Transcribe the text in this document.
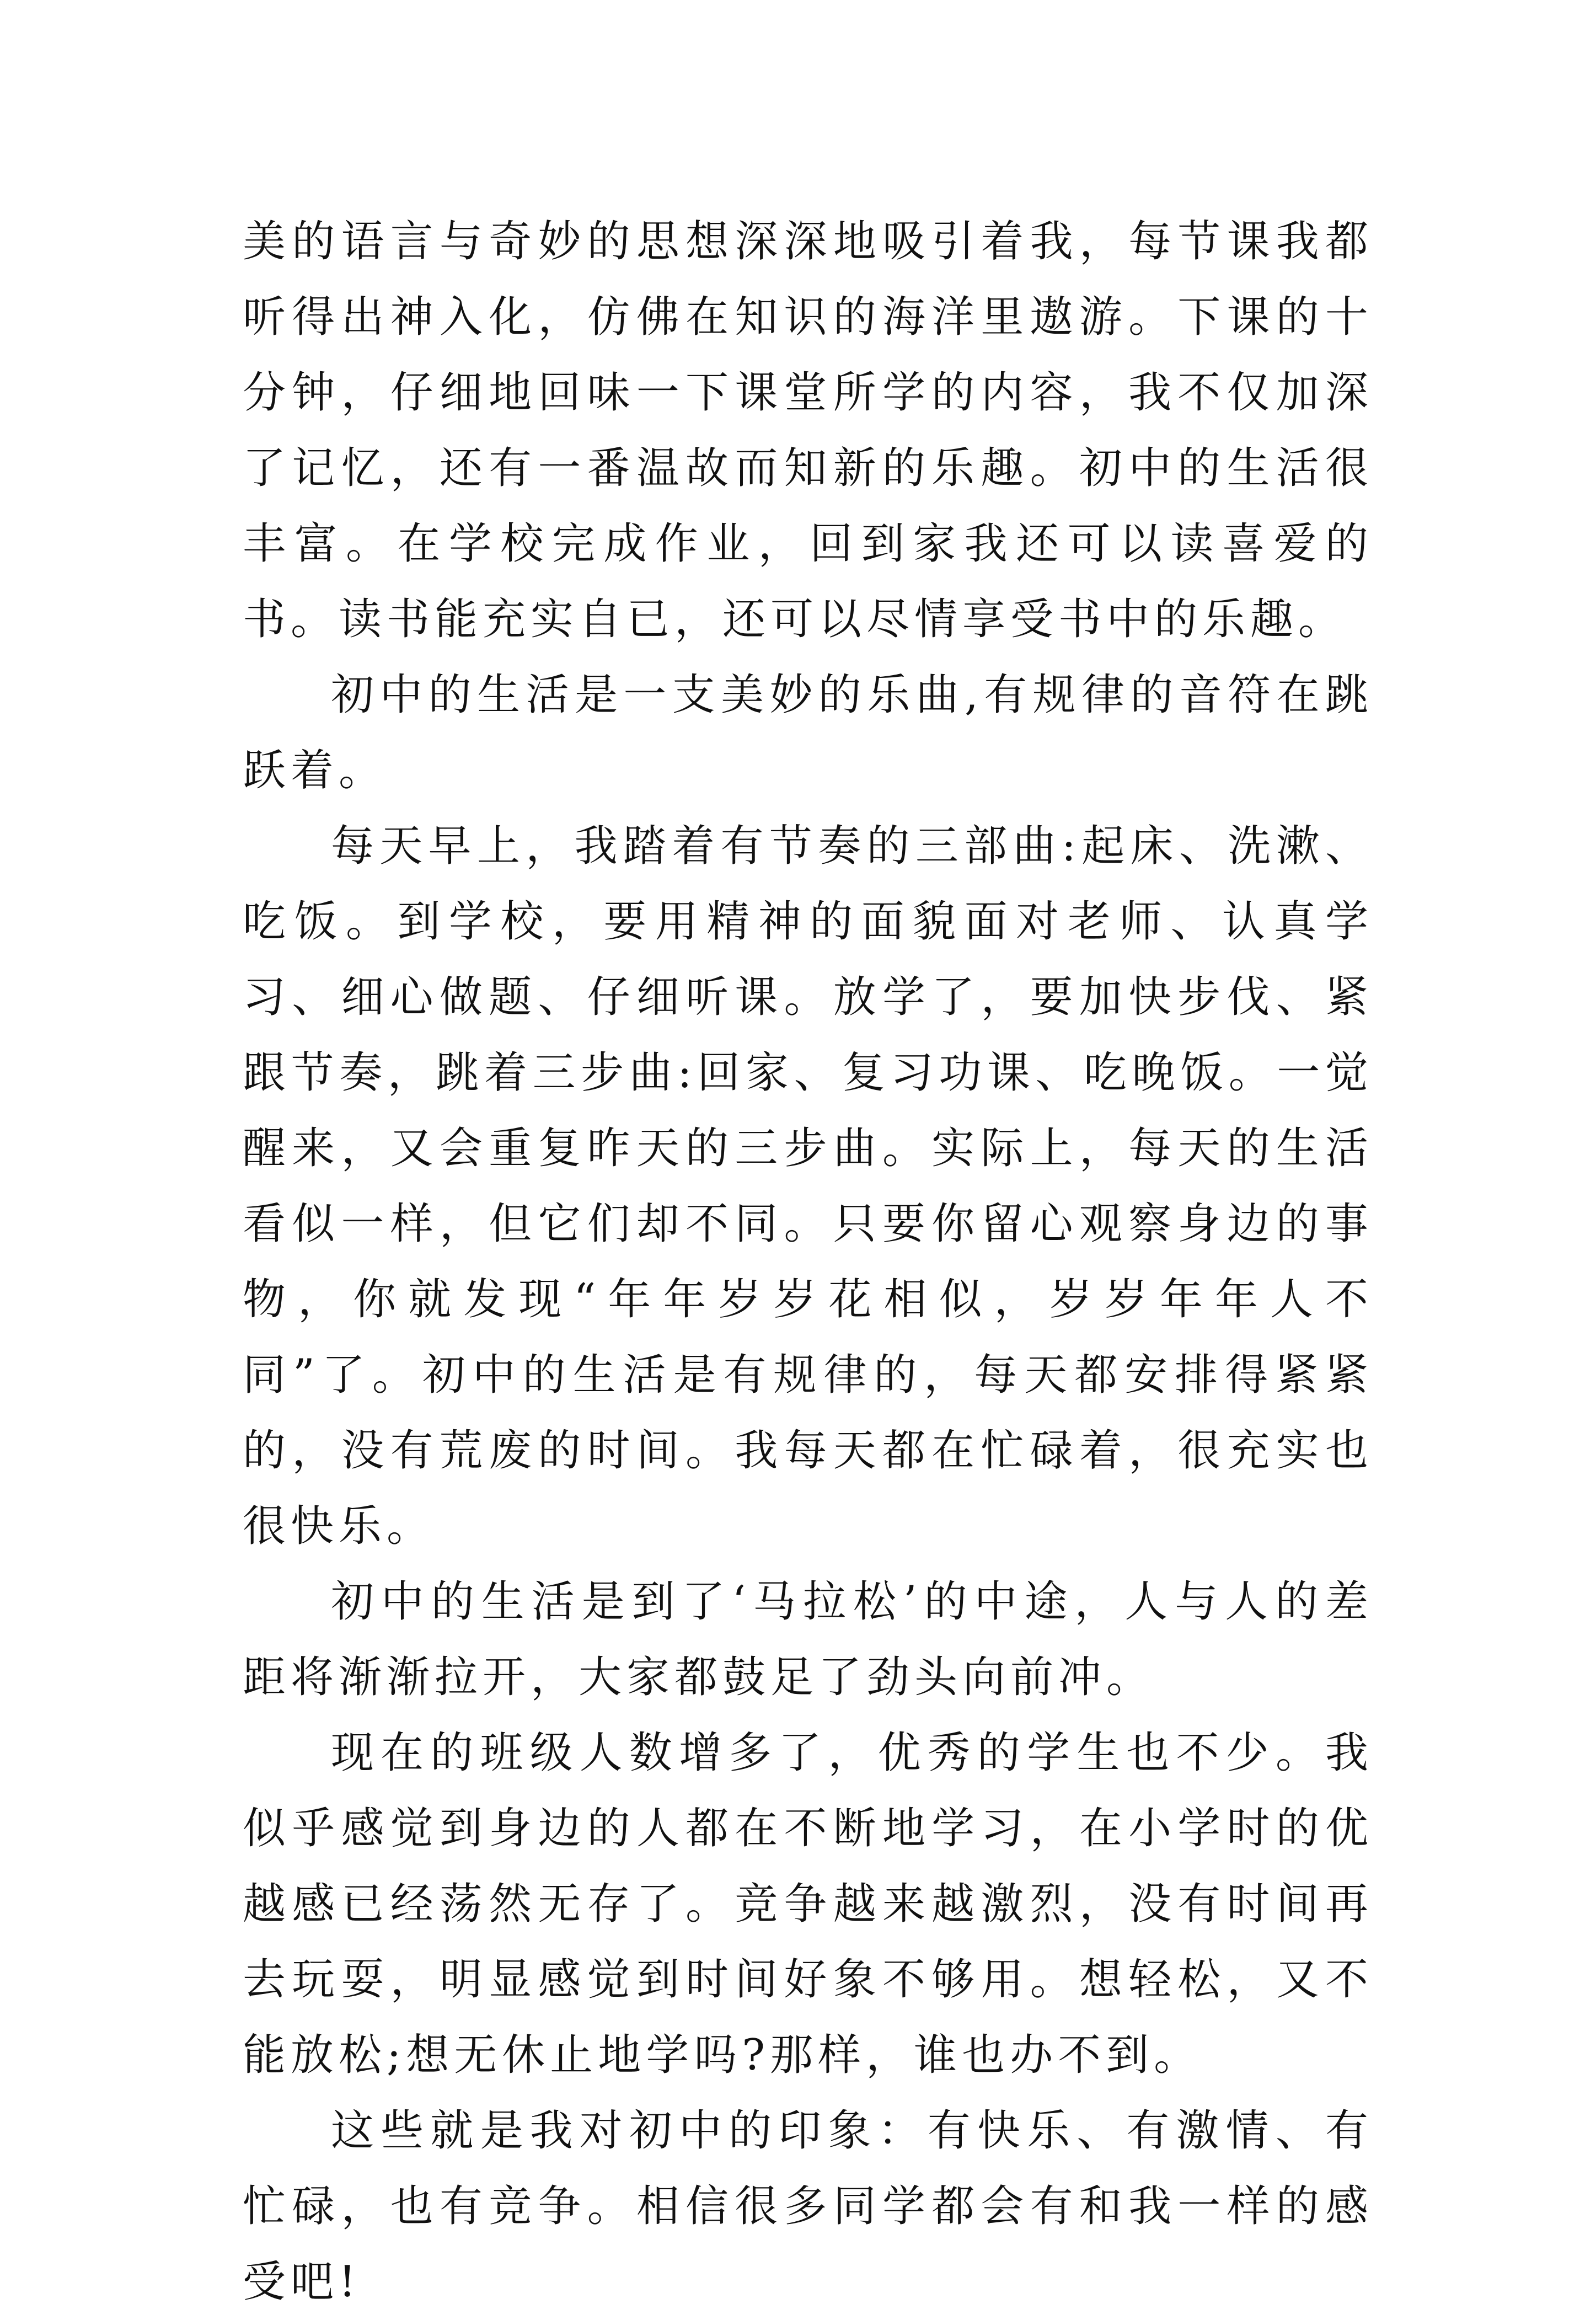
美的语言与奇妙的思想深深地吸引着我，每节课我都听得出神入化，仿佛在知识的海洋里遨游。下课的十分钟，仔细地回味一下课堂所学的内容，我不仅加深了记忆，还有一番温故而知新的乐趣。初中的生活很丰富。在学校完成作业，回到家我还可以读喜爱的书。读书能充实自已，还可以尽情享受书中的乐趣。

初中的生活是一支美妙的乐曲,有规律的音符在跳跃着。

每天早上，我踏着有节奏的三部曲:起床、洗漱、吃饭。到学校，要用精神的面貌面对老师、认真学习、细心做题、仔细听课。放学了，要加快步伐、紧跟节奏，跳着三步曲:回家、复习功课、吃晚饭。一觉醒来，又会重复昨天的三步曲。实际上，每天的生活看似一样，但它们却不同。只要你留心观察身边的事物，你就发现“年年岁岁花相似，岁岁年年人不同”了。初中的生活是有规律的，每天都安排得紧紧的，没有荒废的时间。我每天都在忙碌着，很充实也很快乐。

初中的生活是到了‘马拉松’的中途，人与人的差距将渐渐拉开，大家都鼓足了劲头向前冲。

现在的班级人数增多了，优秀的学生也不少。我似乎感觉到身边的人都在不断地学习，在小学时的优越感已经荡然无存了。竞争越来越激烈，没有时间再去玩耍，明显感觉到时间好象不够用。想轻松，又不能放松;想无休止地学吗?那样，谁也办不到。

这些就是我对初中的印象：有快乐、有激情、有忙碌，也有竞争。相信很多同学都会有和我一样的感受吧!
